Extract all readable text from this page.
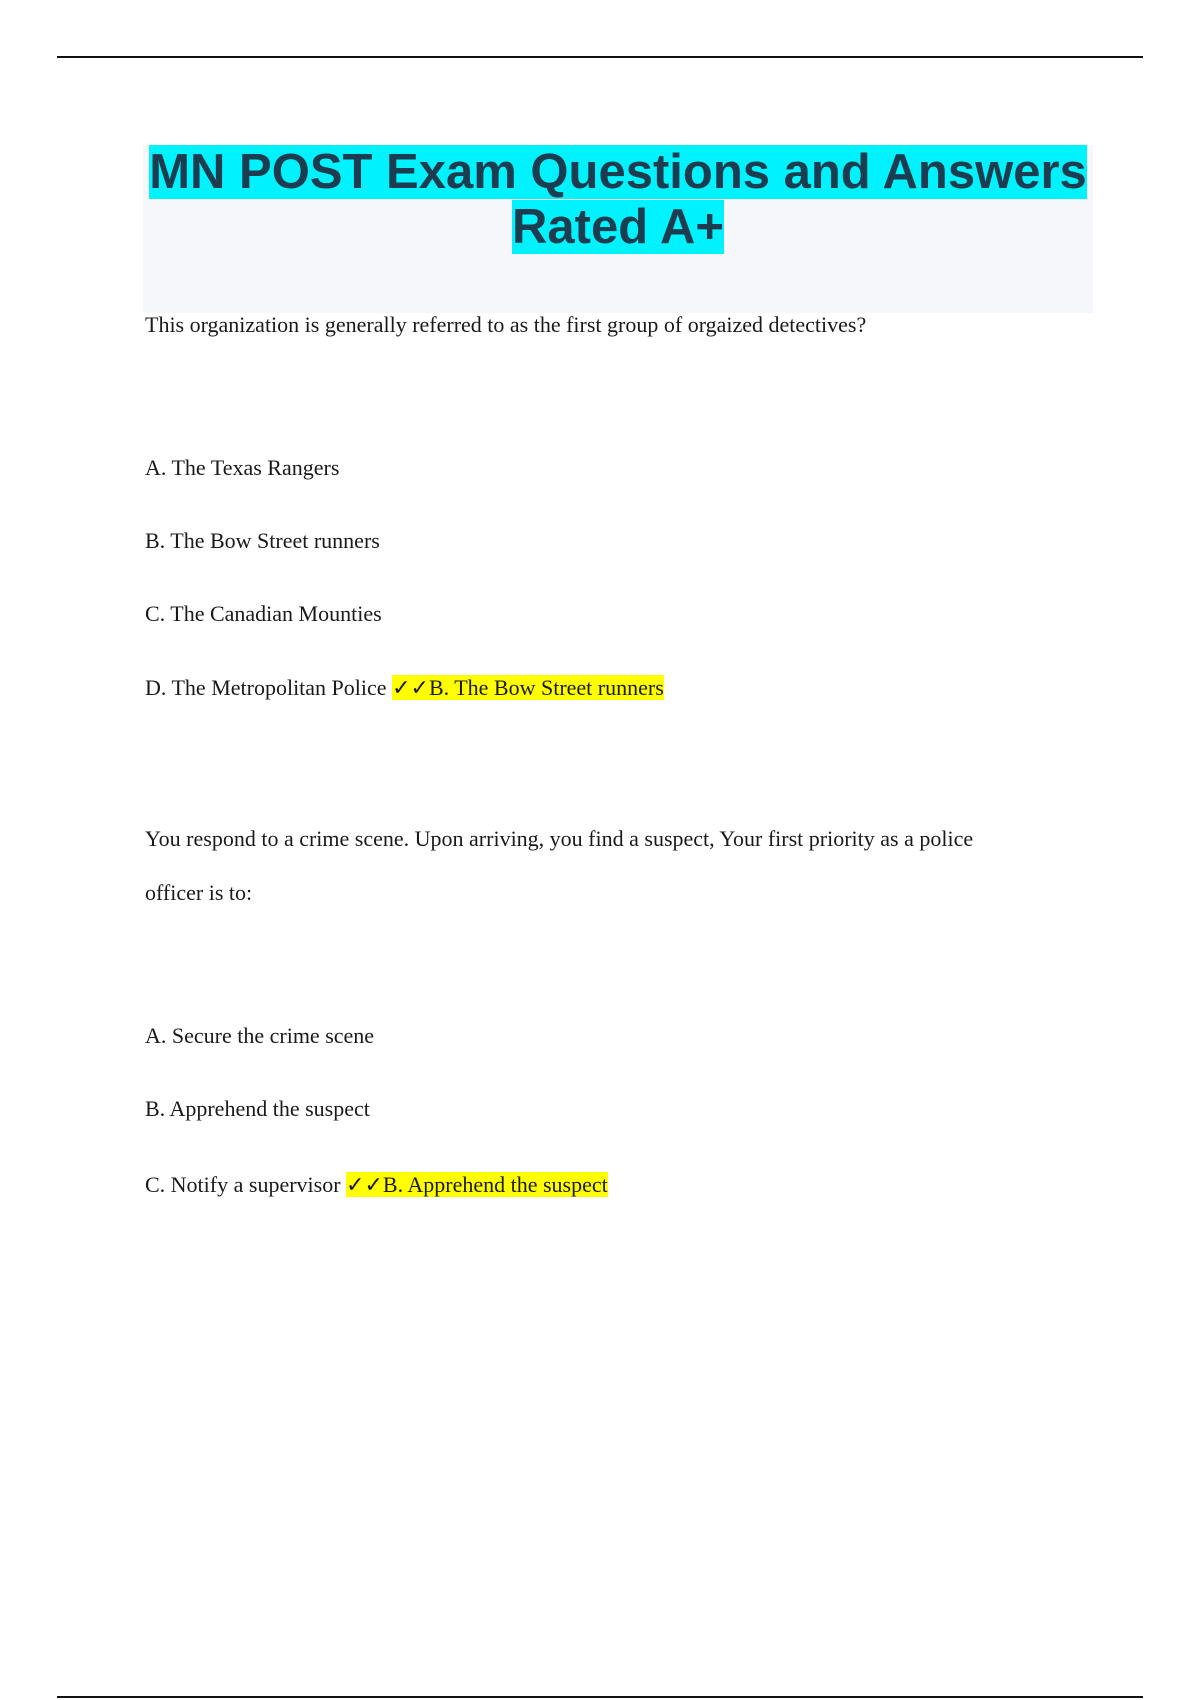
MN POST Exam Questions and Answers
Rated A+

This organization is generally referred to as the first group of orgaized detectives?

A. The Texas Rangers

B. The Bow Street runners

C. The Canadian Mounties

D. The Metropolitan Police ✓✓B. The Bow Street runners

You respond to a crime scene. Upon arriving, you find a suspect, Your first priority as a police

officer is to:

A. Secure the crime scene

B. Apprehend the suspect

C. Notify a supervisor ✓✓B. Apprehend the suspect
